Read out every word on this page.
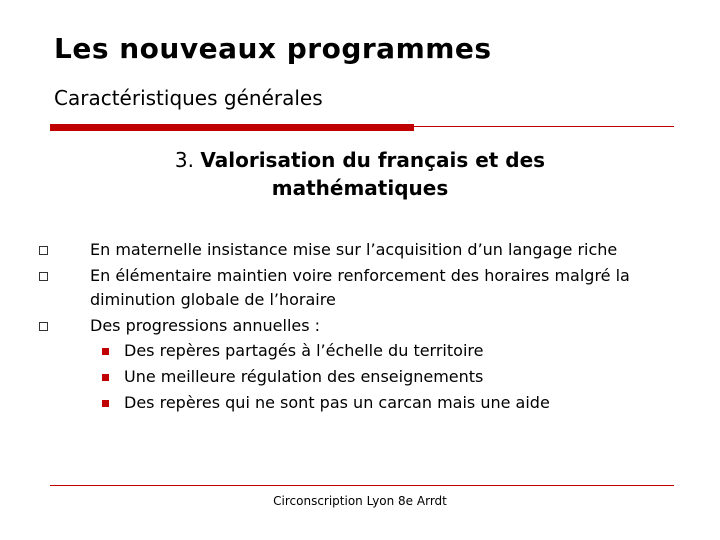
Les nouveaux programmes
Caractéristiques générales
3. Valorisation du français et des
mathématiques
En maternelle insistance mise sur l’acquisition d’un langage riche
En élémentaire maintien voire renforcement des horaires malgré la diminution globale de l’horaire
Des progressions annuelles :
Des repères partagés à l’échelle du territoire
Une meilleure régulation des enseignements
Des repères qui ne sont pas un carcan mais une aide
Circonscription Lyon 8e Arrdt
